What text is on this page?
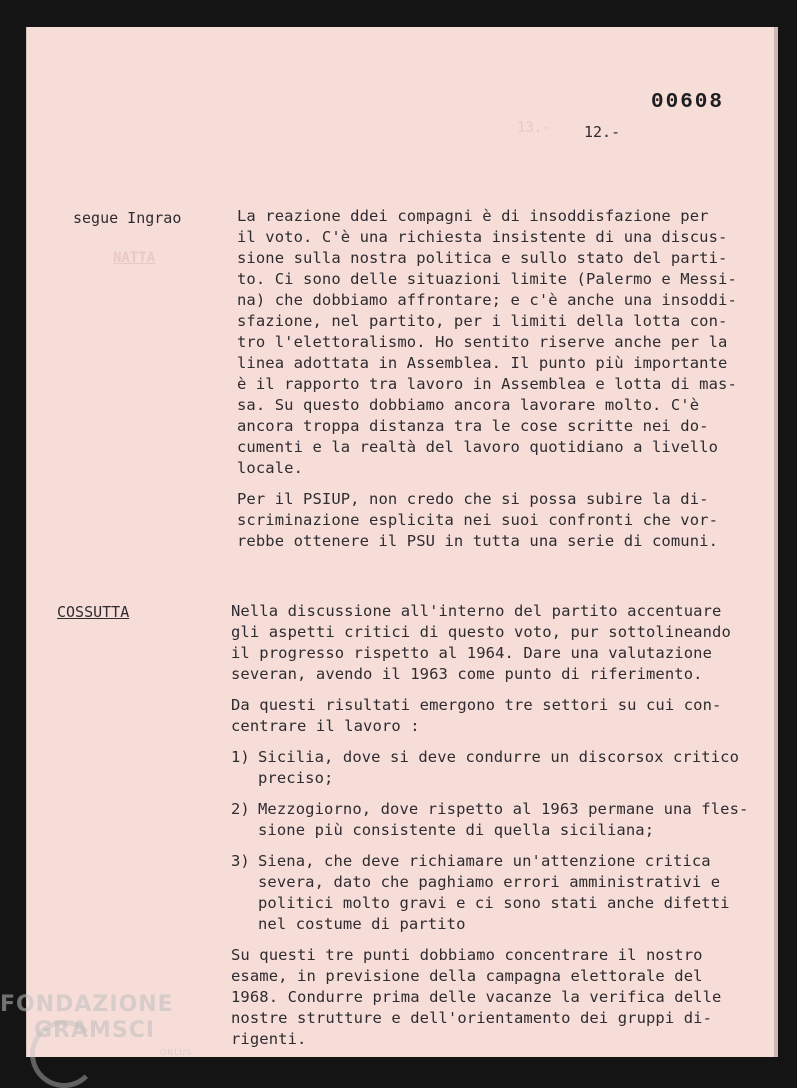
13.-
00608
12.-
segue Ingrao
NATTA

La reazione ddei compagni è di insoddisfazione per
il voto. C'è una richiesta insistente di una discus-
sione sulla nostra politica e sullo stato del parti-
to. Ci sono delle situazioni limite (Palermo e Messi-
na) che dobbiamo affrontare; e c'è anche una insoddi-
sfazione, nel partito, per i limiti della lotta con-
tro l'elettoralismo. Ho sentito riserve anche per la
linea adottata in Assemblea. Il punto più importante
è il rapporto tra lavoro in Assemblea e lotta di mas-
sa. Su questo dobbiamo ancora lavorare molto. C'è
ancora troppa distanza tra le cose scritte nei do-
cumenti e la realtà del lavoro quotidiano a livello
locale.

Per il PSIUP, non credo che si possa subire la di-
scriminazione esplicita nei suoi confronti che vor-
rebbe ottenere il PSU in tutta una serie di comuni.

COSSUTTA	Nella discussione all'interno del partito accentuare
gli aspetti critici di questo voto, pur sottolineando
il progresso rispetto al 1964. Dare una valutazione
severan, avendo il 1963 come punto di riferimento.

Da questi risultati emergono tre settori su cui con-
centrare il lavoro :

1) Sicilia, dove si deve condurre un discorsox critico
preciso;
2) Mezzogiorno, dove rispetto al 1963 permane una fles-
sione più consistente di quella siciliana;
3) Siena, che deve richiamare un'attenzione critica
severa, dato che paghiamo errori amministrativi e
politici molto gravi e ci sono stati anche difetti
nel costume di partito

Su questi tre punti dobbiamo concentrare il nostro
esame, in previsione della campagna elettorale del
1968. Condurre prima delle vacanze la verifica delle
nostre strutture e dell'orientamento dei gruppi di-
rigenti.

FONDAZIONE
GRAMSCI
ONLUS
